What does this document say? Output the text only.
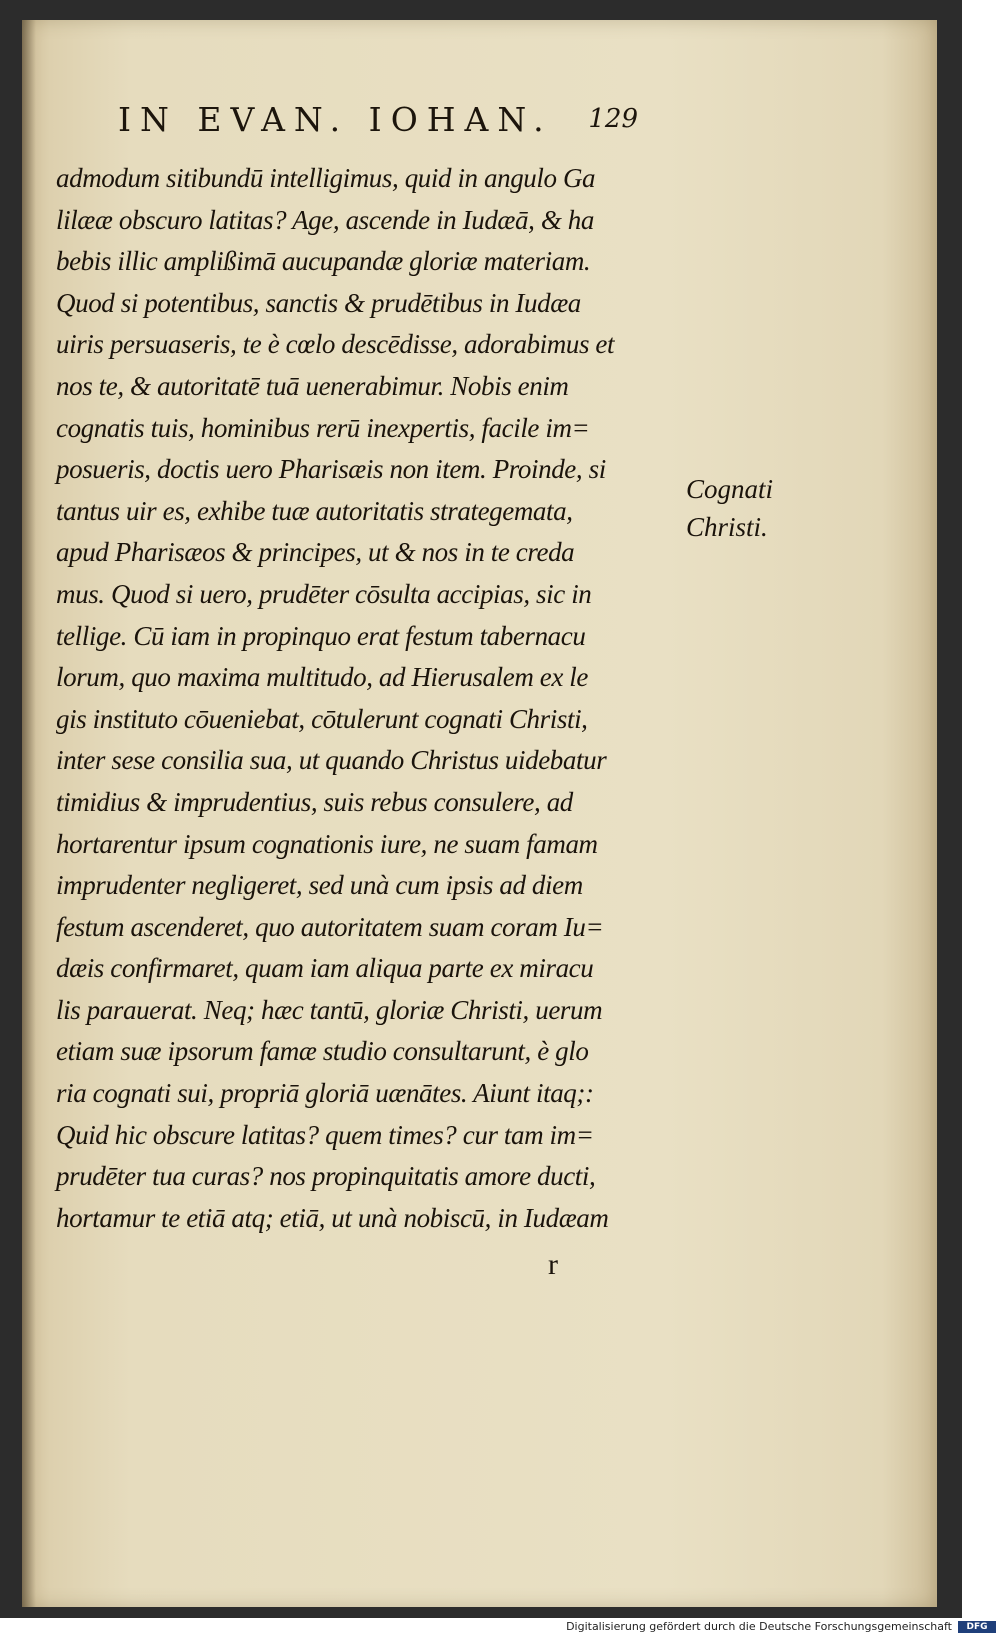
IN EVAN. IOHAN. 129
admodum sitibundū intelligimus, quid in angulo Ga
lilææ obscuro latitas? Age, ascende in Iudæā, & ha
bebis illic amplißimā aucupandæ gloriæ materiam.
Quod si potentibus, sanctis & prudētibus in Iudæa
uiris persuaseris, te è cœlo descēdisse, adorabimus et
nos te, & autoritatē tuā uenerabimur. Nobis enim
cognatis tuis, hominibus rerū inexpertis, facile im=
posueris, doctis uero Pharisæis non item. Proinde, si
tantus uir es, exhibe tuæ autoritatis strategemata,
apud Pharisæos & principes, ut & nos in te creda
mus. Quod si uero, prudēter cōsulta accipias, sic in
tellige. Cū iam in propinquo erat festum tabernacu
lorum, quo maxima multitudo, ad Hierusalem ex le
gis instituto cōueniebat, cōtulerunt cognati Christi,
inter sese consilia sua, ut quando Christus uidebatur
timidius & imprudentius, suis rebus consulere, ad
hortarentur ipsum cognationis iure, ne suam famam
imprudenter negligeret, sed unà cum ipsis ad diem
festum ascenderet, quo autoritatem suam coram Iu=
dæis confirmaret, quam iam aliqua parte ex miracu
lis parauerat. Neq; hæc tantū, gloriæ Christi, uerum
etiam suæ ipsorum famæ studio consultarunt, è glo
ria cognati sui, propriā gloriā uænātes. Aiunt itaq;:
Quid hic obscure latitas? quem times? cur tam im=
prudēter tua curas? nos propinquitatis amore ducti,
hortamur te etiā atq; etiā, ut unà nobiscū, in Iudæam
Cognati
Christi.
r
Digitalisierung gefördert durch die Deutsche Forschungsgemeinschaft	DFG
